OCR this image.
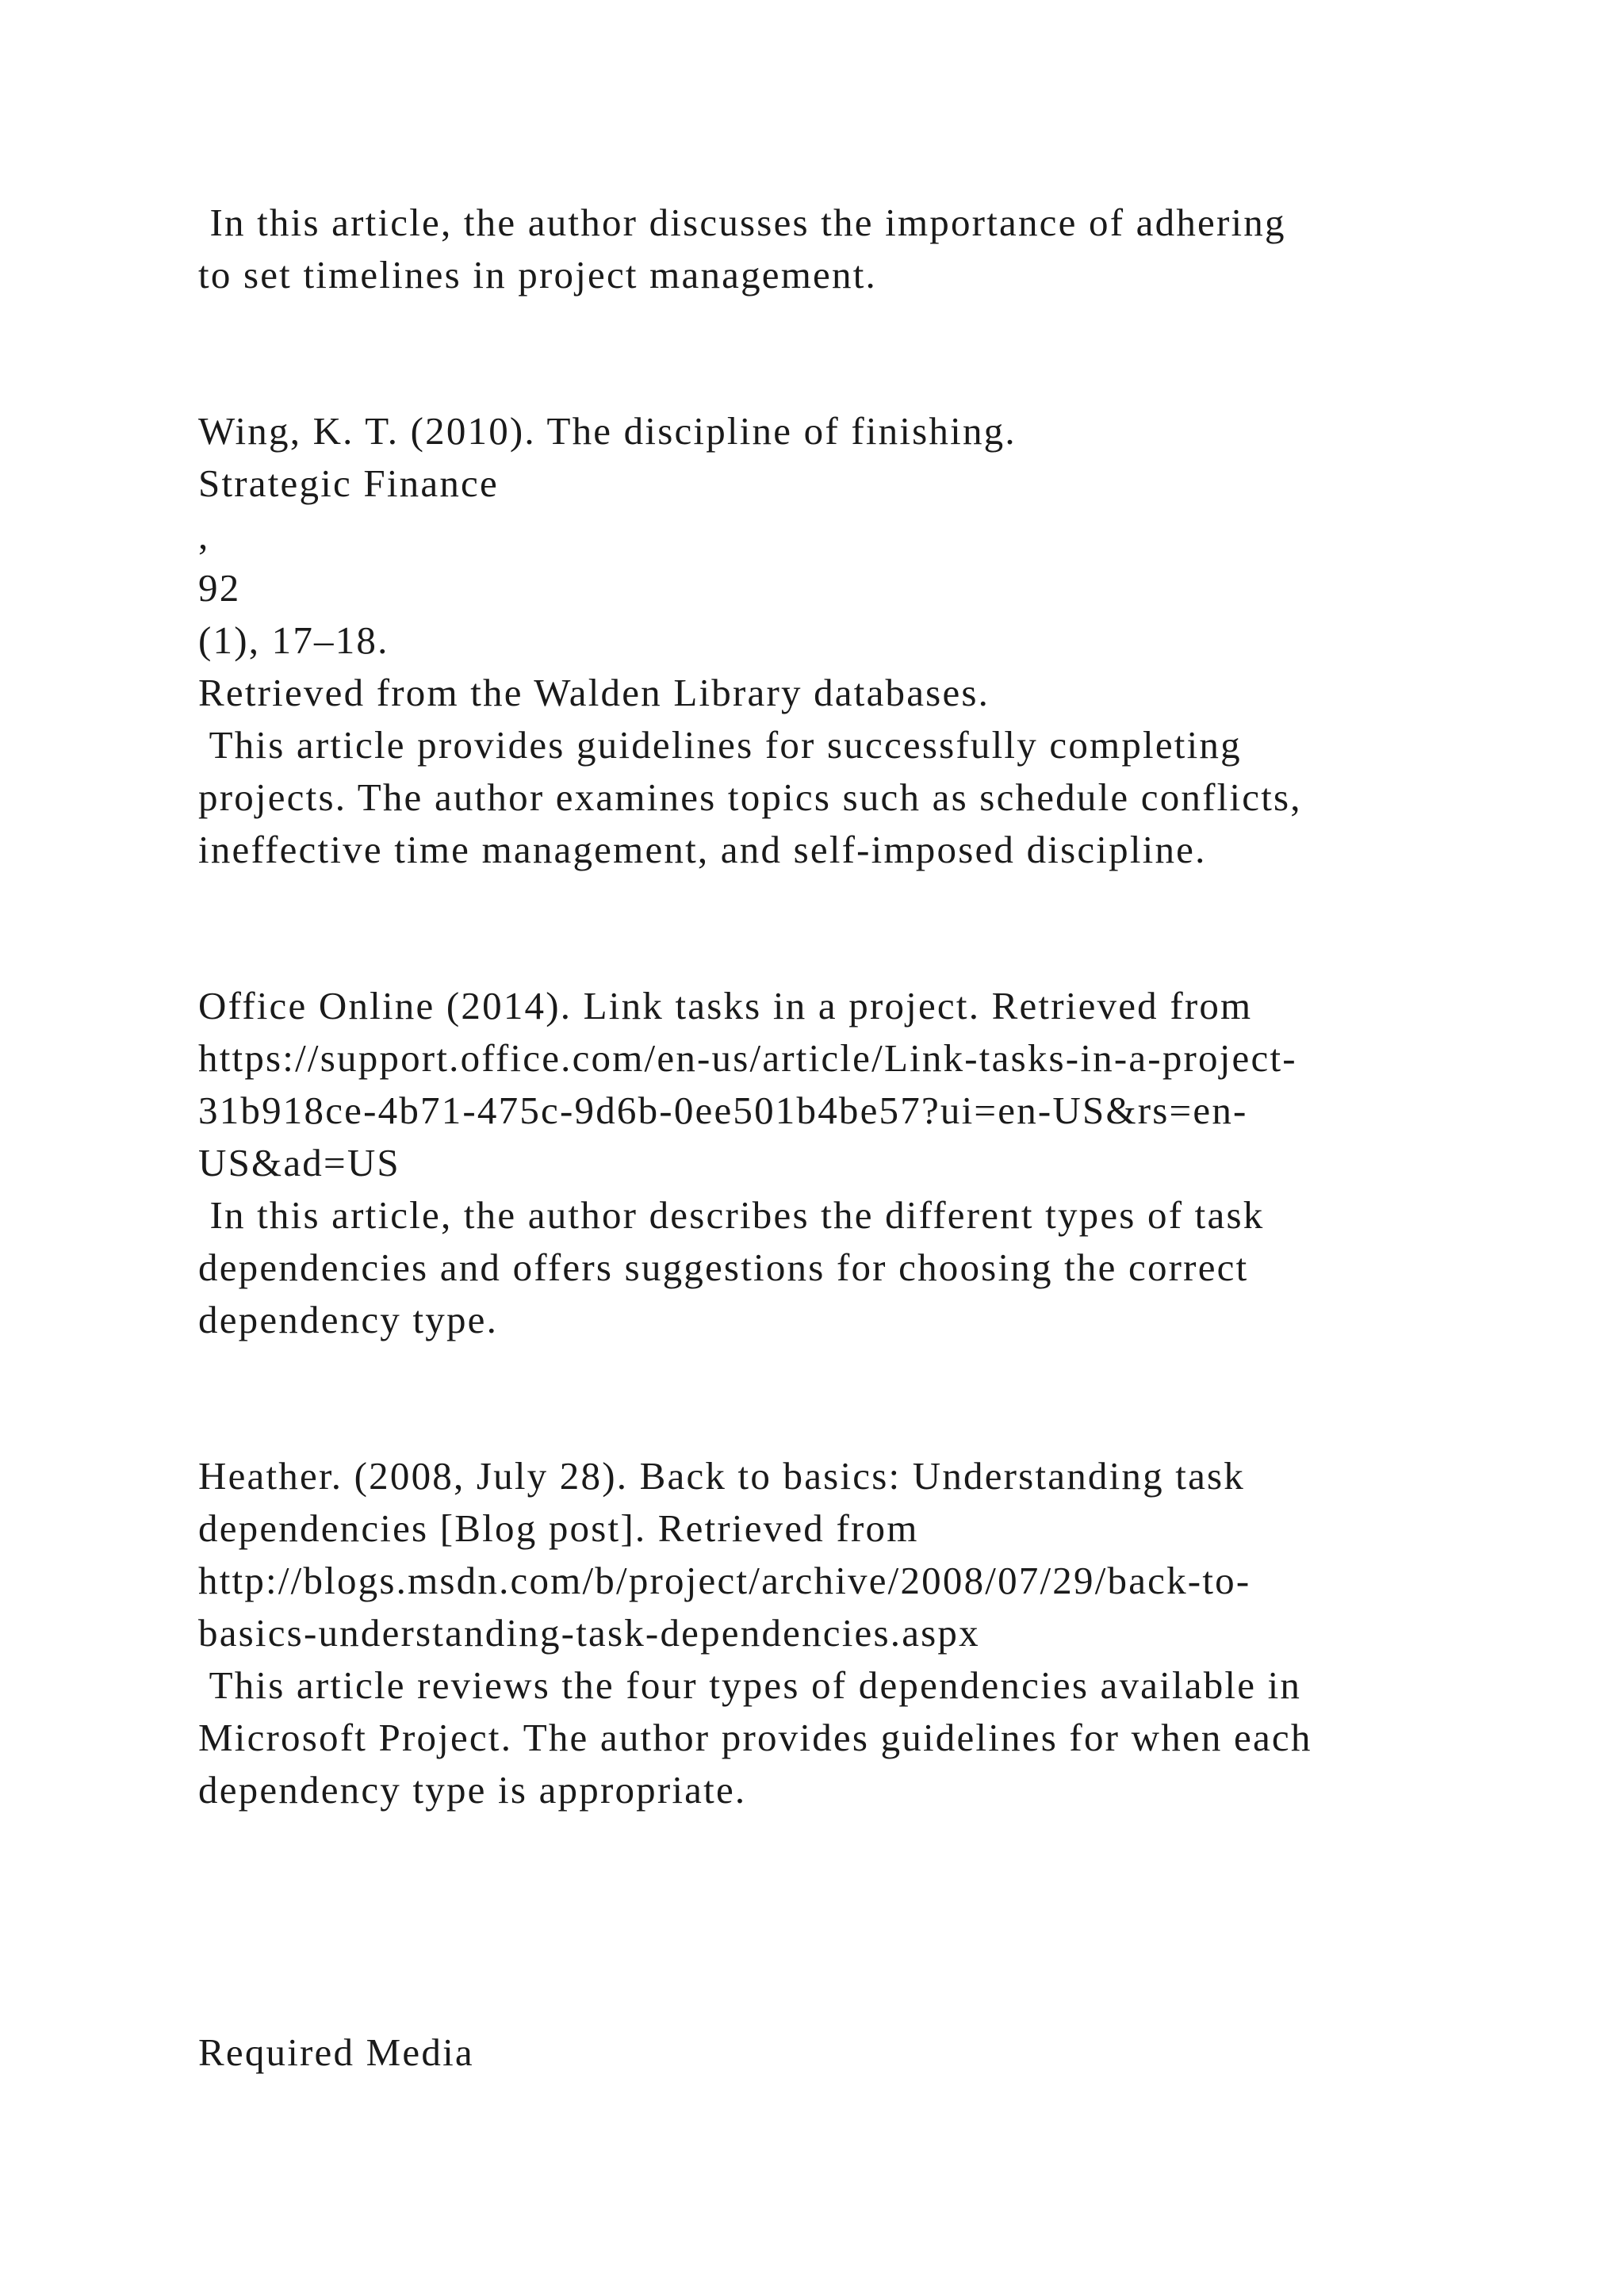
In this article, the author discusses the importance of adhering

to set timelines in project management.

Wing, K. T. (2010). The discipline of finishing.

Strategic Finance

,

92

(1), 17–18.

Retrieved from the Walden Library databases.

This article provides guidelines for successfully completing

projects. The author examines topics such as schedule conflicts,

ineffective time management, and self-imposed discipline.

Office Online (2014). Link tasks in a project. Retrieved from

https://support.office.com/en-us/article/Link-tasks-in-a-project-

31b918ce-4b71-475c-9d6b-0ee501b4be57?ui=en-US&rs=en-

US&ad=US

In this article, the author describes the different types of task

dependencies and offers suggestions for choosing the correct

dependency type.

Heather. (2008, July 28). Back to basics: Understanding task

dependencies [Blog post]. Retrieved from

http://blogs.msdn.com/b/project/archive/2008/07/29/back-to-

basics-understanding-task-dependencies.aspx

This article reviews the four types of dependencies available in

Microsoft Project. The author provides guidelines for when each

dependency type is appropriate.

Required Media
